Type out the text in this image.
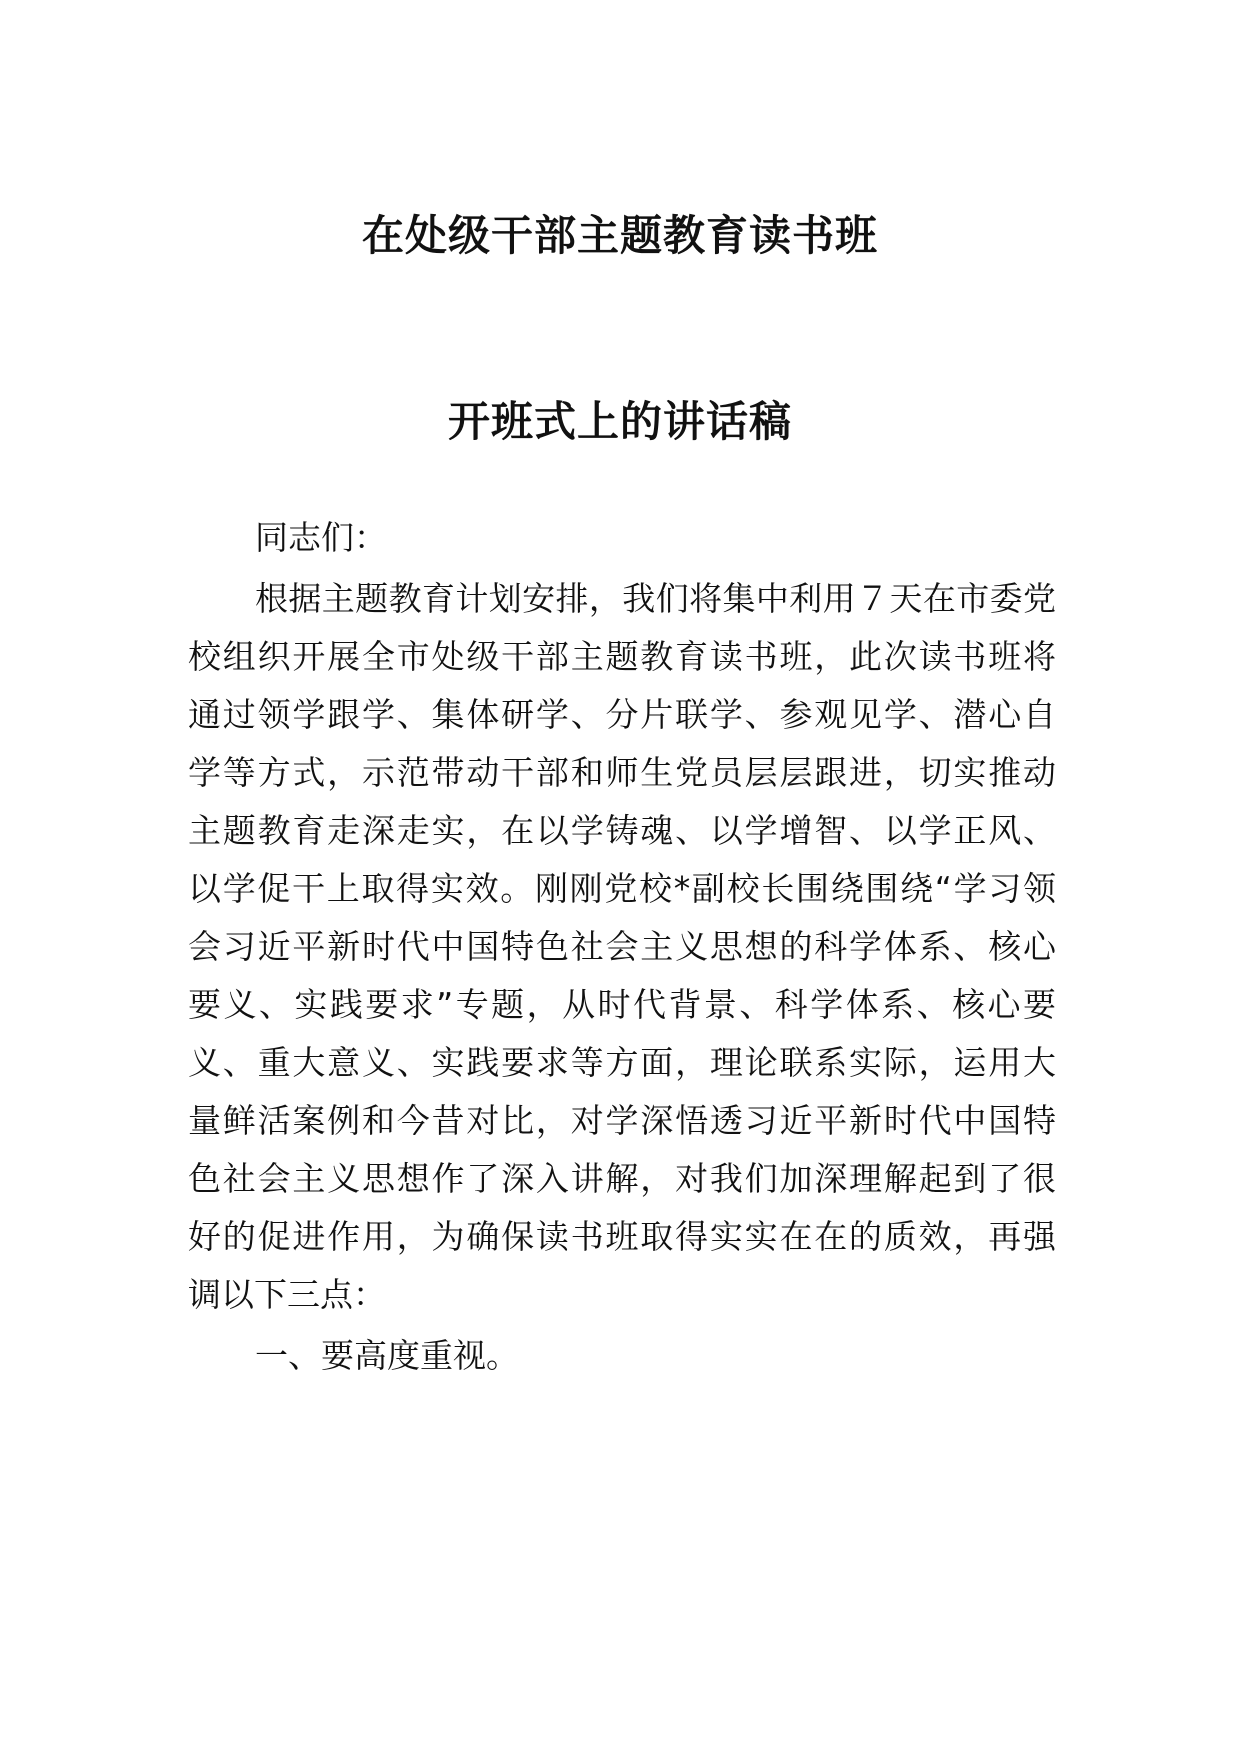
在处级干部主题教育读书班
开班式上的讲话稿
同志们：
根据主题教育计划安排，我们将集中利用７天在市委党
校组织开展全市处级干部主题教育读书班，此次读书班将
通过领学跟学、集体研学、分片联学、参观见学、潜心自
学等方式，示范带动干部和师生党员层层跟进，切实推动
主题教育走深走实，在以学铸魂、以学增智、以学正风、
以学促干上取得实效。刚刚党校*副校长围绕围绕“学习领
会习近平新时代中国特色社会主义思想的科学体系、核心
要义、实践要求”专题，从时代背景、科学体系、核心要
义、重大意义、实践要求等方面，理论联系实际，运用大
量鲜活案例和今昔对比，对学深悟透习近平新时代中国特
色社会主义思想作了深入讲解，对我们加深理解起到了很
好的促进作用，为确保读书班取得实实在在的质效，再强
调以下三点：
一、要高度重视。
